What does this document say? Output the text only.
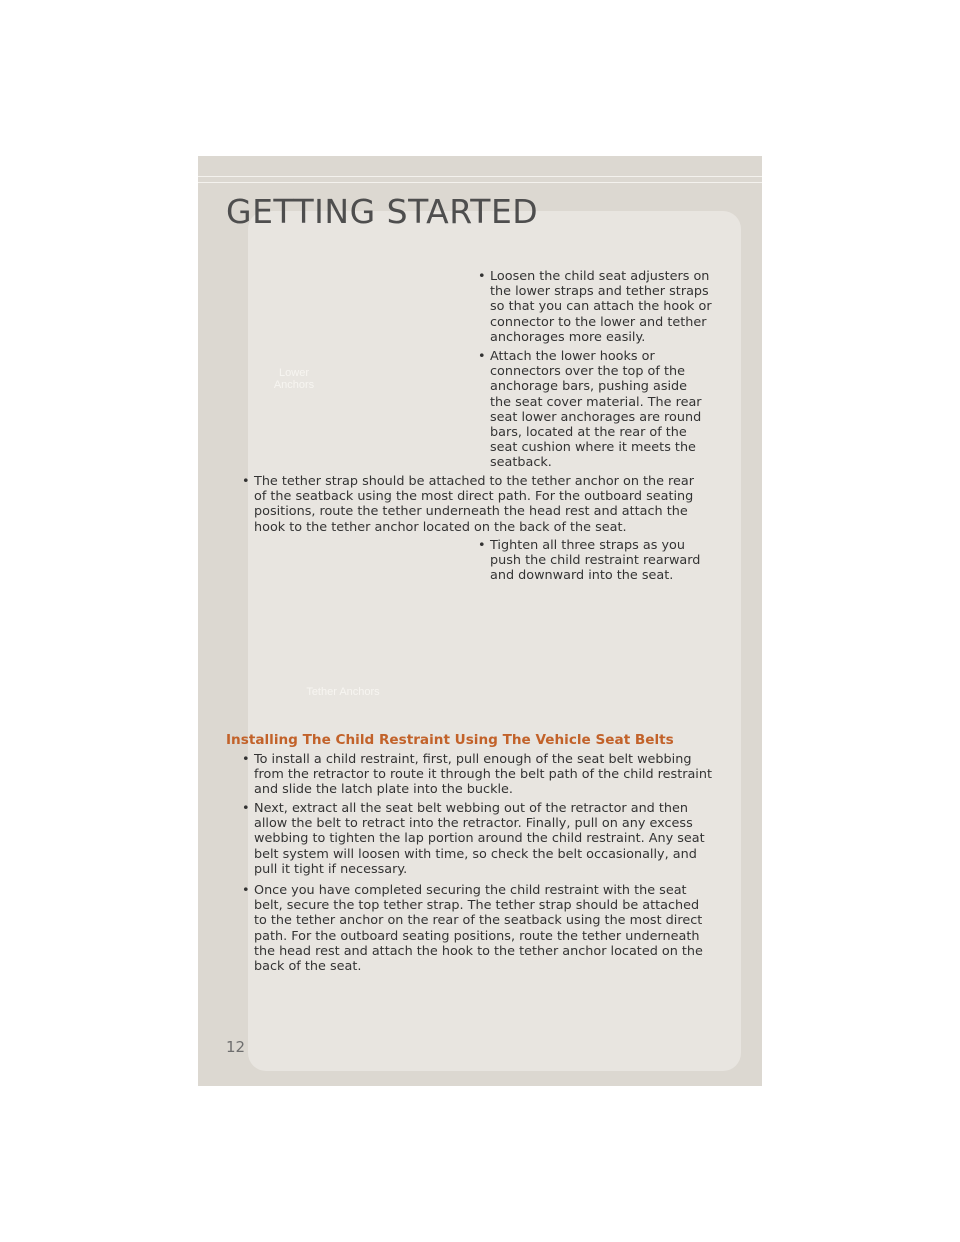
GETTING STARTED
Lower
Anchors

• Loosen the child seat adjusters on the lower straps and tether straps so that you can attach the hook or connector to the lower and tether anchorages more easily.

• Attach the lower hooks or connectors over the top of the anchorage bars, pushing aside the seat cover material. The rear seat lower anchorages are round bars, located at the rear of the seat cushion where it meets the seatback.

• The tether strap should be attached to the tether anchor on the rear of the seatback using the most direct path. For the outboard seating positions, route the tether underneath the head rest and attach the hook to the tether anchor located on the back of the seat.

• Tighten all three straps as you push the child restraint rearward and downward into the seat.

Tether Anchors
Installing The Child Restraint Using The Vehicle Seat Belts

• To install a child restraint, first, pull enough of the seat belt webbing from the retractor to route it through the belt path of the child restraint and slide the latch plate into the buckle.

• Next, extract all the seat belt webbing out of the retractor and then allow the belt to retract into the retractor. Finally, pull on any excess webbing to tighten the lap portion around the child restraint. Any seat belt system will loosen with time, so check the belt occasionally, and pull it tight if necessary.

• Once you have completed securing the child restraint with the seat belt, secure the top tether strap. The tether strap should be attached to the tether anchor on the rear of the seatback using the most direct path. For the outboard seating positions, route the tether underneath the head rest and attach the hook to the tether anchor located on the back of the seat.

12
